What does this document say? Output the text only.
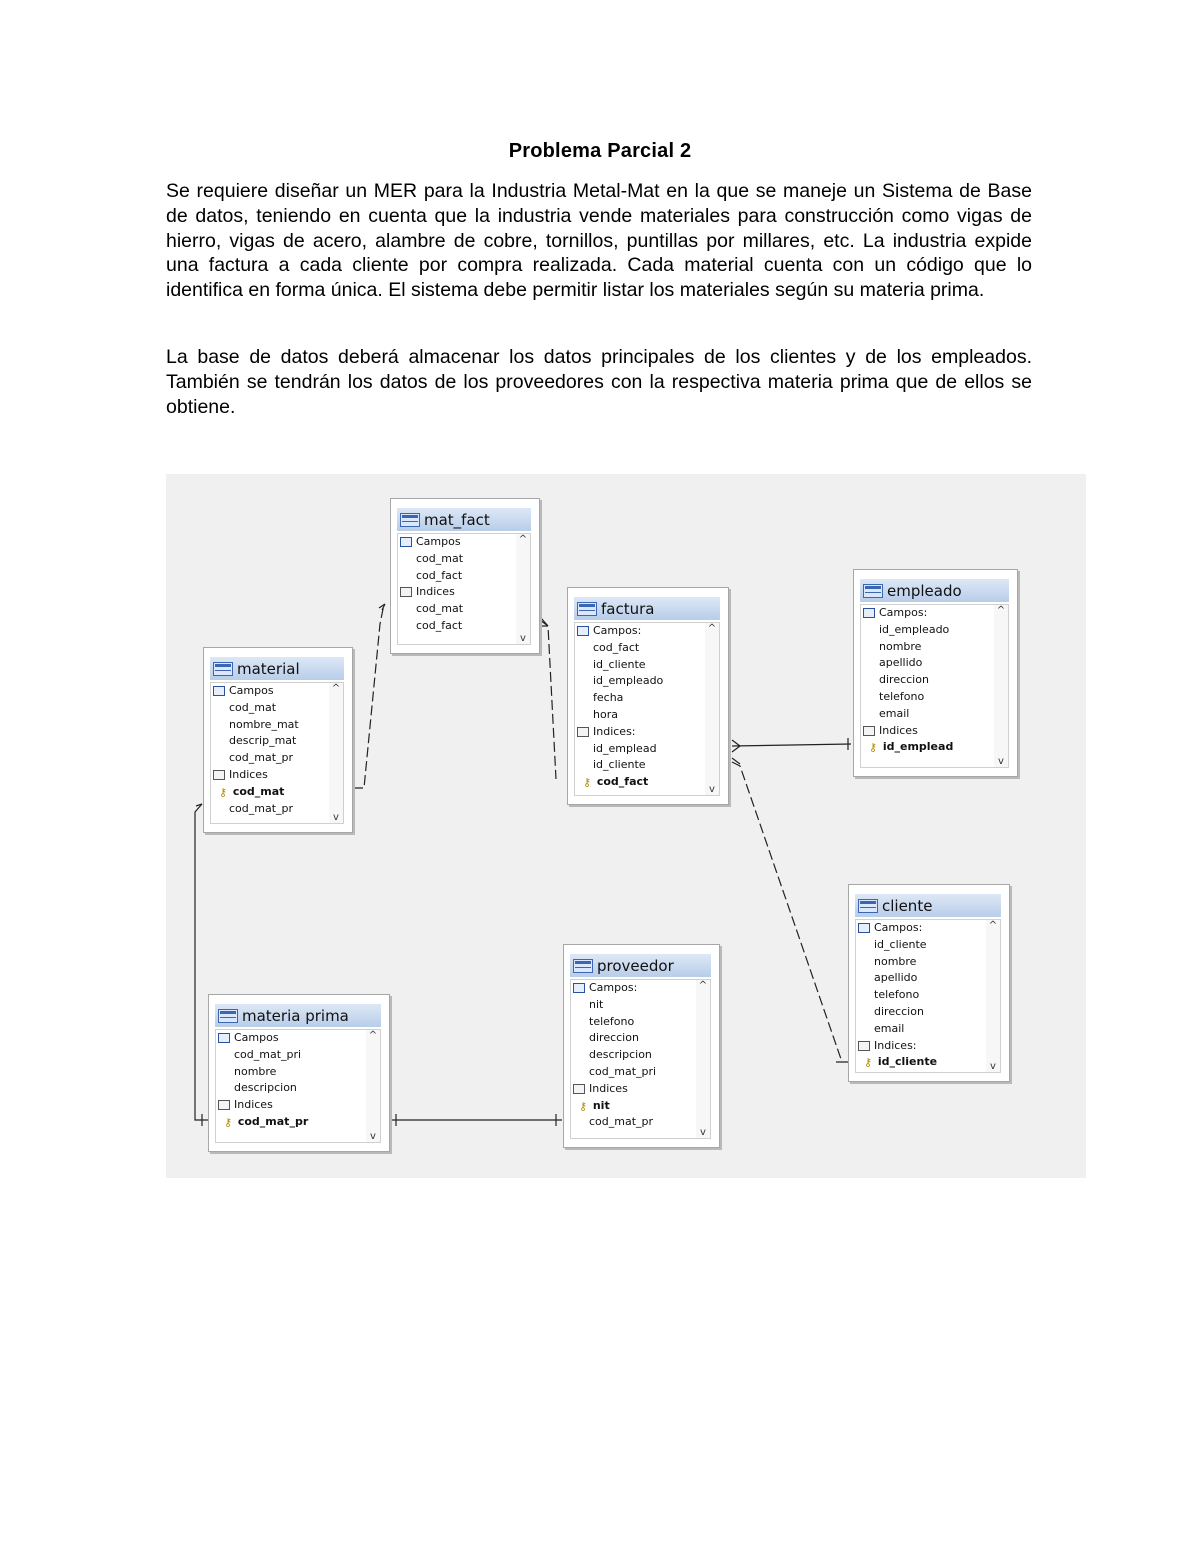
Problema Parcial 2

Se requiere diseñar un MER para la Industria Metal-Mat en la que se maneje un Sistema de Base de datos, teniendo en cuenta que la industria vende materiales para construcción como vigas de hierro, vigas de acero, alambre de cobre, tornillos, puntillas por millares, etc. La industria expide una factura a cada cliente por compra realizada. Cada material cuenta con un código que lo identifica en forma única. El sistema debe permitir listar los materiales según su materia prima.

La base de datos deberá almacenar los datos principales de los clientes y de los empleados. También se tendrán los datos de los proveedores con la respectiva materia prima que de ellos se obtiene.

mat_fact
Campos
cod_mat
cod_fact
Indices
cod_mat
cod_fact
^
v
material
Campos
cod_mat
nombre_mat
descrip_mat
cod_mat_pr
Indices
⚷ cod_mat
cod_mat_pr
^
v
factura
Campos:
cod_fact
id_cliente
id_empleado
fecha
hora
Indices:
id_emplead
id_cliente
⚷ cod_fact
^
v
empleado
Campos:
id_empleado
nombre
apellido
direccion
telefono
email
Indices
⚷ id_emplead
^
v
cliente
Campos:
id_cliente
nombre
apellido
telefono
direccion
email
Indices:
⚷ id_cliente
^
v
proveedor
Campos:
nit
telefono
direccion
descripcion
cod_mat_pri
Indices
⚷ nit
cod_mat_pr
^
v
materia prima
Campos
cod_mat_pri
nombre
descripcion
Indices
⚷ cod_mat_pr
^
v
